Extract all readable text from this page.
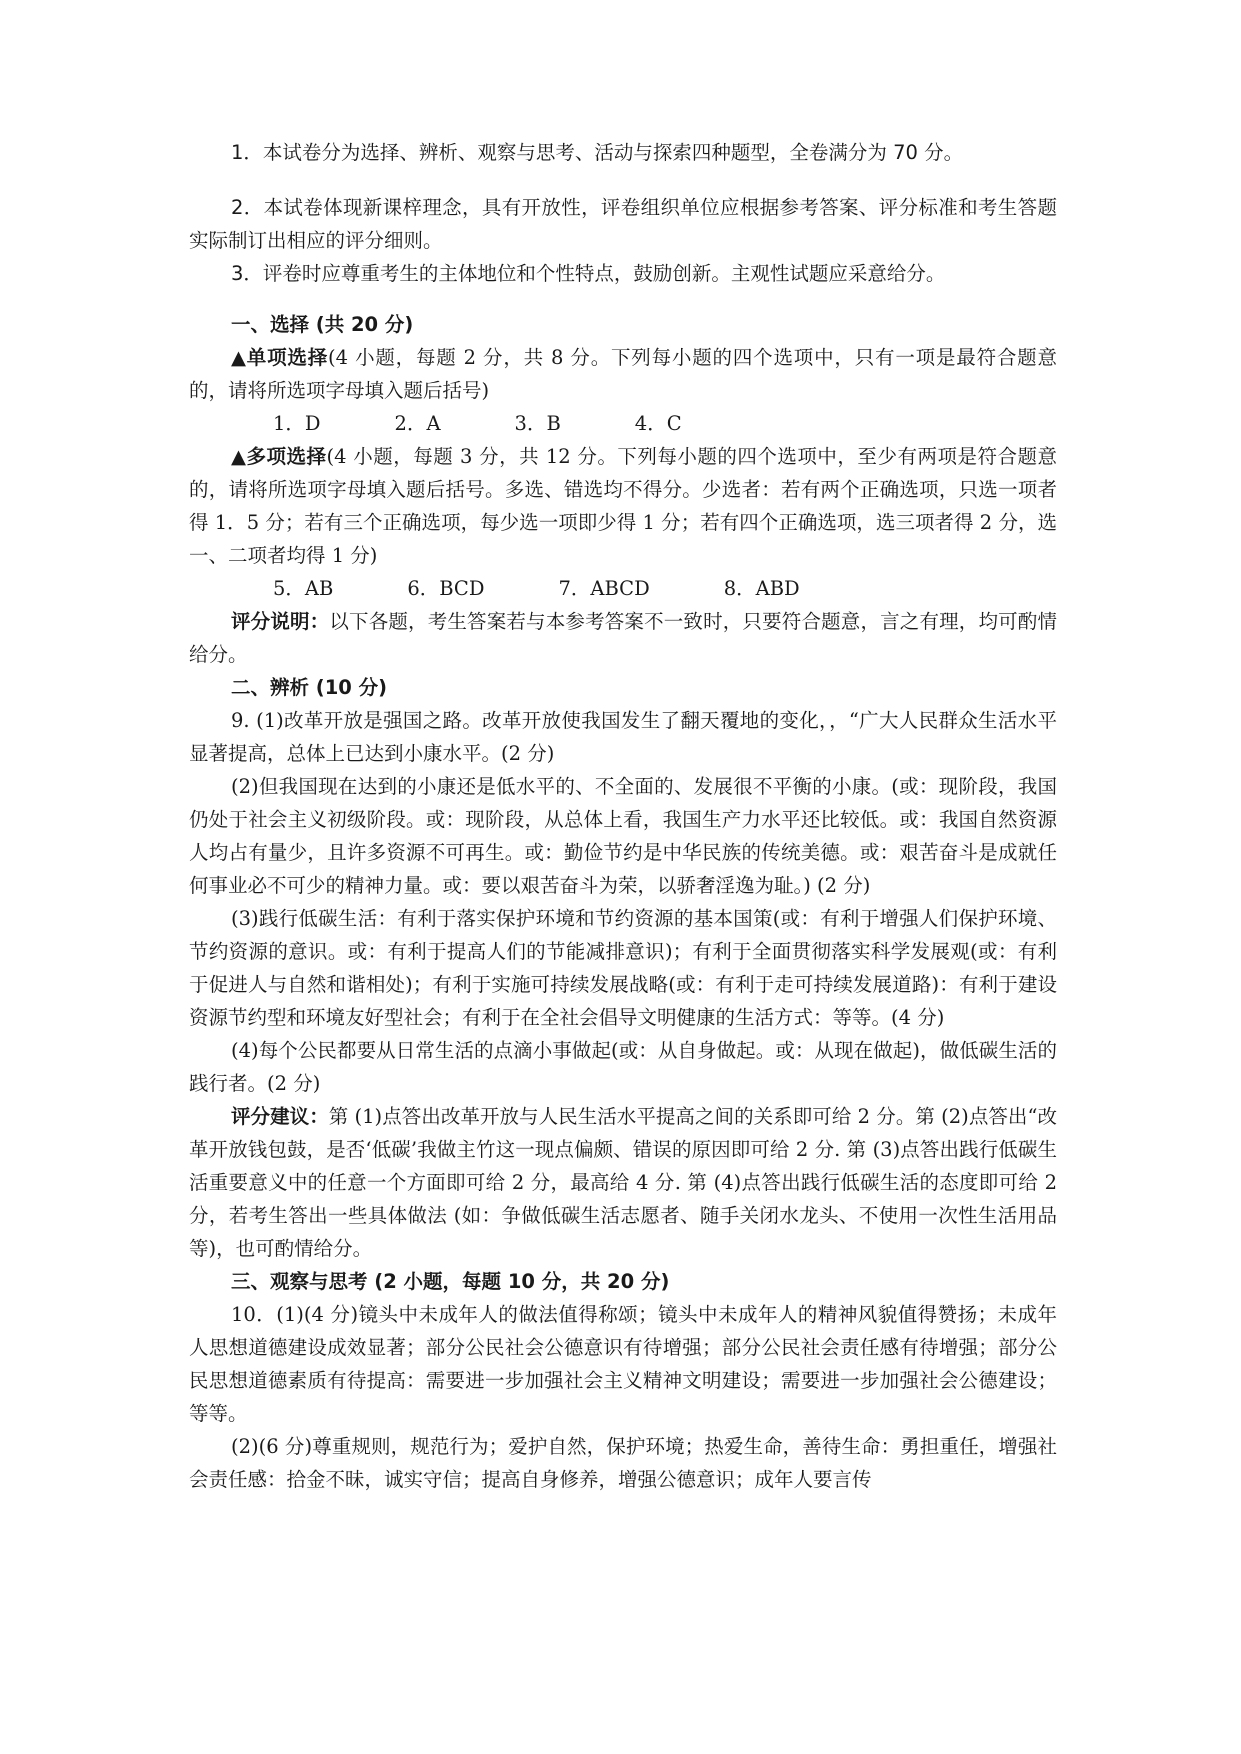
1．本试卷分为选择、辨析、观察与思考、活动与探索四种题型，全卷满分为 70 分。

2．本试卷体现新课梓理念，具有开放性，评卷组织单位应根据参考答案、评分标准和考生答题实际制订出相应的评分细则。

3．评卷时应尊重考生的主体地位和个性特点，鼓励创新。主观性试题应采意给分。

一、选择 (共 20 分)

▲单项选择(4 小题，每题 2 分，共 8 分。下列每小题的四个选项中，只有一项是最符合题意的，请将所选项字母填入题后括号)

1．D	2．A	3．B	4．C

▲多项选择(4 小题，每题 3 分，共 12 分。下列每小题的四个选项中，至少有两项是符合题意的，请将所选项字母填入题后括号。多选、错选均不得分。少选者：若有两个正确选项，只选一项者得 1．5 分；若有三个正确选项，每少选一项即少得 1 分；若有四个正确选项，选三项者得 2 分，选一、二项者均得 1 分)

5．AB	6．BCD	7．ABCD	8．ABD

评分说明：以下各题，考生答案若与本参考答案不一致时，只要符合题意，言之有理，均可酌情给分。

二、辨析 (10 分)

9. (1)改革开放是强国之路。改革开放使我国发生了翻天覆地的变化，，“广大人民群众生活水平显著提高，总体上已达到小康水平。(2 分)

(2)但我国现在达到的小康还是低水平的、不全面的、发展很不平衡的小康。(或：现阶段，我国仍处于社会主义初级阶段。或：现阶段，从总体上看，我国生产力水平还比较低。或：我国自然资源人均占有量少，且许多资源不可再生。或：勤俭节约是中华民族的传统美德。或：艰苦奋斗是成就任何事业必不可少的精神力量。或：要以艰苦奋斗为荣，以骄奢淫逸为耻。) (2 分)

(3)践行低碳生活：有利于落实保护环境和节约资源的基本国策(或：有利于增强人们保护环境、节约资源的意识。或：有利于提高人们的节能减排意识)；有利于全面贯彻落实科学发展观(或：有利于促进人与自然和谐相处)；有利于实施可持续发展战略(或：有利于走可持续发展道路)：有利于建设资源节约型和环境友好型社会；有利于在全社会倡导文明健康的生活方式：等等。(4 分)

(4)每个公民都要从日常生活的点滴小事做起(或：从自身做起。或：从现在做起)，做低碳生活的践行者。(2 分)

评分建议：第 (1)点答出改革开放与人民生活水平提高之间的关系即可给 2 分。第 (2)点答出“改革开放钱包鼓，是否‘低碳’我做主竹这一现点偏颇、错误的原因即可给 2 分. 第 (3)点答出践行低碳生活重要意义中的任意一个方面即可给 2 分，最高给 4 分. 第 (4)点答出践行低碳生活的态度即可给 2 分，若考生答出一些具体做法 (如：争做低碳生活志愿者、随手关闭水龙头、不使用一次性生活用品等)，也可酌情给分。

三、观察与思考 (2 小题，每题 10 分，共 20 分)

10．(1)(4 分)镜头中未成年人的做法值得称颂；镜头中未成年人的精神风貌值得赞扬；未成年人思想道德建设成效显著；部分公民社会公德意识有待增强；部分公民社会责任感有待增强；部分公民思想道德素质有待提高：需要进一步加强社会主义精神文明建设；需要进一步加强社会公德建设；等等。

(2)(6 分)尊重规则，规范行为；爱护自然，保护环境；热爱生命，善待生命：勇担重任，增强社会责任感：拾金不昧，诚实守信；提高自身修养，增强公德意识；成年人要言传
